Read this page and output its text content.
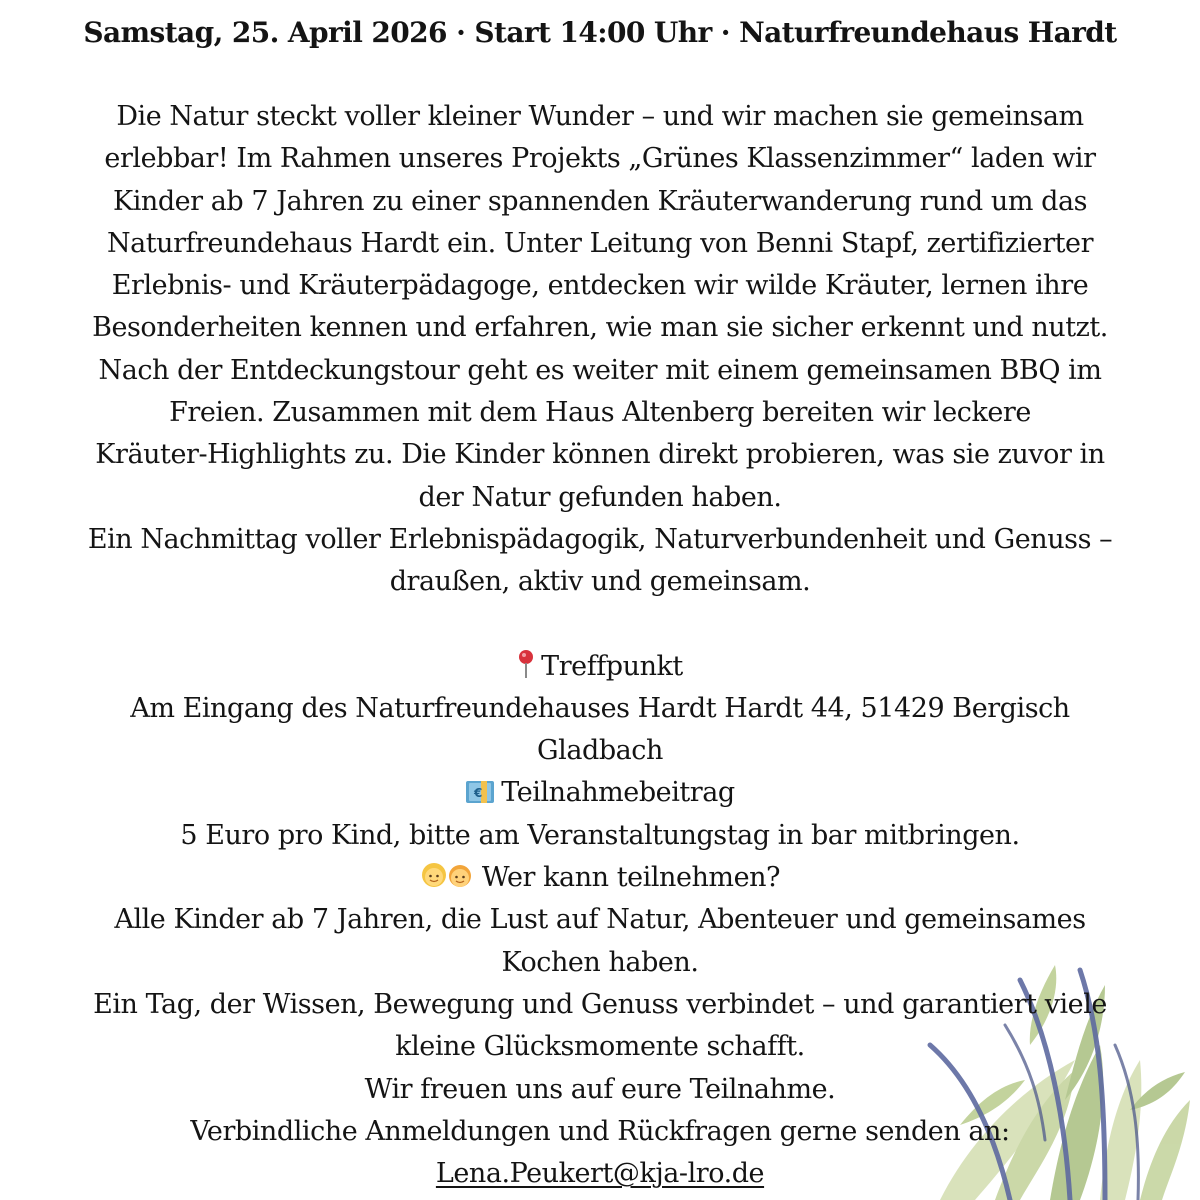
Samstag, 25. April 2026 · Start 14:00 Uhr · Naturfreundehaus Hardt
Die Natur steckt voller kleiner Wunder – und wir machen sie gemeinsam
erlebbar! Im Rahmen unseres Projekts „Grünes Klassenzimmer“ laden wir
Kinder ab 7 Jahren zu einer spannenden Kräuterwanderung rund um das
Naturfreundehaus Hardt ein. Unter Leitung von Benni Stapf, zertifizierter
Erlebnis- und Kräuterpädagoge, entdecken wir wilde Kräuter, lernen ihre
Besonderheiten kennen und erfahren, wie man sie sicher erkennt und nutzt.
Nach der Entdeckungstour geht es weiter mit einem gemeinsamen BBQ im
Freien. Zusammen mit dem Haus Altenberg bereiten wir leckere
Kräuter-Highlights zu. Die Kinder können direkt probieren, was sie zuvor in
der Natur gefunden haben.
Ein Nachmittag voller Erlebnispädagogik, Naturverbundenheit und Genuss –
draußen, aktiv und gemeinsam.
Treffpunkt
Am Eingang des Naturfreundehauses Hardt Hardt 44, 51429 Bergisch
Gladbach
€ Teilnahmebeitrag
5 Euro pro Kind, bitte am Veranstaltungstag in bar mitbringen.
Wer kann teilnehmen?
Alle Kinder ab 7 Jahren, die Lust auf Natur, Abenteuer und gemeinsames
Kochen haben.
Ein Tag, der Wissen, Bewegung und Genuss verbindet – und garantiert viele
kleine Glücksmomente schafft.
Wir freuen uns auf eure Teilnahme.
Verbindliche Anmeldungen und Rückfragen gerne senden an:
Lena.Peukert@kja-lro.de
